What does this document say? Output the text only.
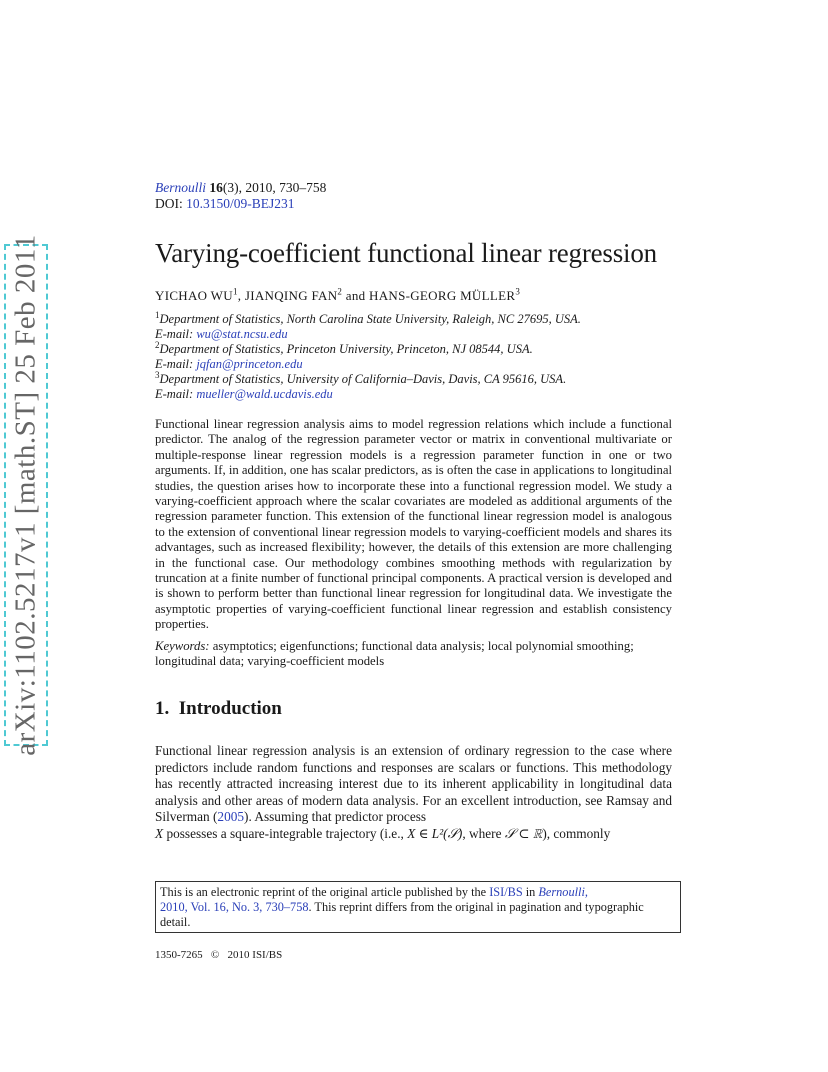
arXiv:1102.5217v1 [math.ST] 25 Feb 2011
Bernoulli 16(3), 2010, 730–758
DOI: 10.3150/09-BEJ231
Varying-coefficient functional linear regression
YICHAO $WU^1$, JIANQING FAN$^2$ and HANS-GEORG MÜLLER$^3$
$^1$Department of Statistics, North Carolina State University, Raleigh, NC 27695, USA.
E-mail: wu@stat.ncsu.edu
$^2$Department of Statistics, Princeton University, Princeton, NJ 08544, USA.
E-mail: jqfan@princeton.edu
$^3$Department of Statistics, University of California–Davis, Davis, CA 95616, USA.
E-mail: mueller@wald.ucdavis.edu

Functional linear regression analysis aims to model regression relations which include a functional predictor. The analog of the regression parameter vector or matrix in conventional multivariate or multiple-response linear regression models is a regression parameter function in one or two arguments. If, in addition, one has scalar predictors, as is often the case in applications to longitudinal studies, the question arises how to incorporate these into a functional regression model. We study a varying-coefficient approach where the scalar covariates are modeled as additional arguments of the regression parameter function. This extension of the functional linear regression model is analogous to the extension of conventional linear regression models to varying-coefficient models and shares its advantages, such as increased flexibility; however, the details of this extension are more challenging in the functional case. Our methodology combines smoothing methods with regularization by truncation at a finite number of functional principal components. A practical version is developed and is shown to perform better than functional linear regression for longitudinal data. We investigate the asymptotic properties of varying-coefficient functional linear regression and establish consistency properties.

Keywords: asymptotics; eigenfunctions; functional data analysis; local polynomial smoothing; longitudinal data; varying-coefficient models

1. Introduction

Functional linear regression analysis is an extension of ordinary regression to the case where predictors include random functions and responses are scalars or functions. This methodology has recently attracted increasing interest due to its inherent applicability in longitudinal data analysis and other areas of modern data analysis. For an excellent introduction, see Ramsay and Silverman (2005). Assuming that predictor process
X possesses a square-integrable trajectory (i.e., X ∈ L²(𝒮), where 𝒮 ⊂ ℝ), commonly

This is an electronic reprint of the original article published by the ISI/BS in Bernoulli,
2010, Vol. 16, No. 3, 730–758. This reprint differs from the original in pagination and typographic detail.
1350-7265 © 2010 ISI/BS
